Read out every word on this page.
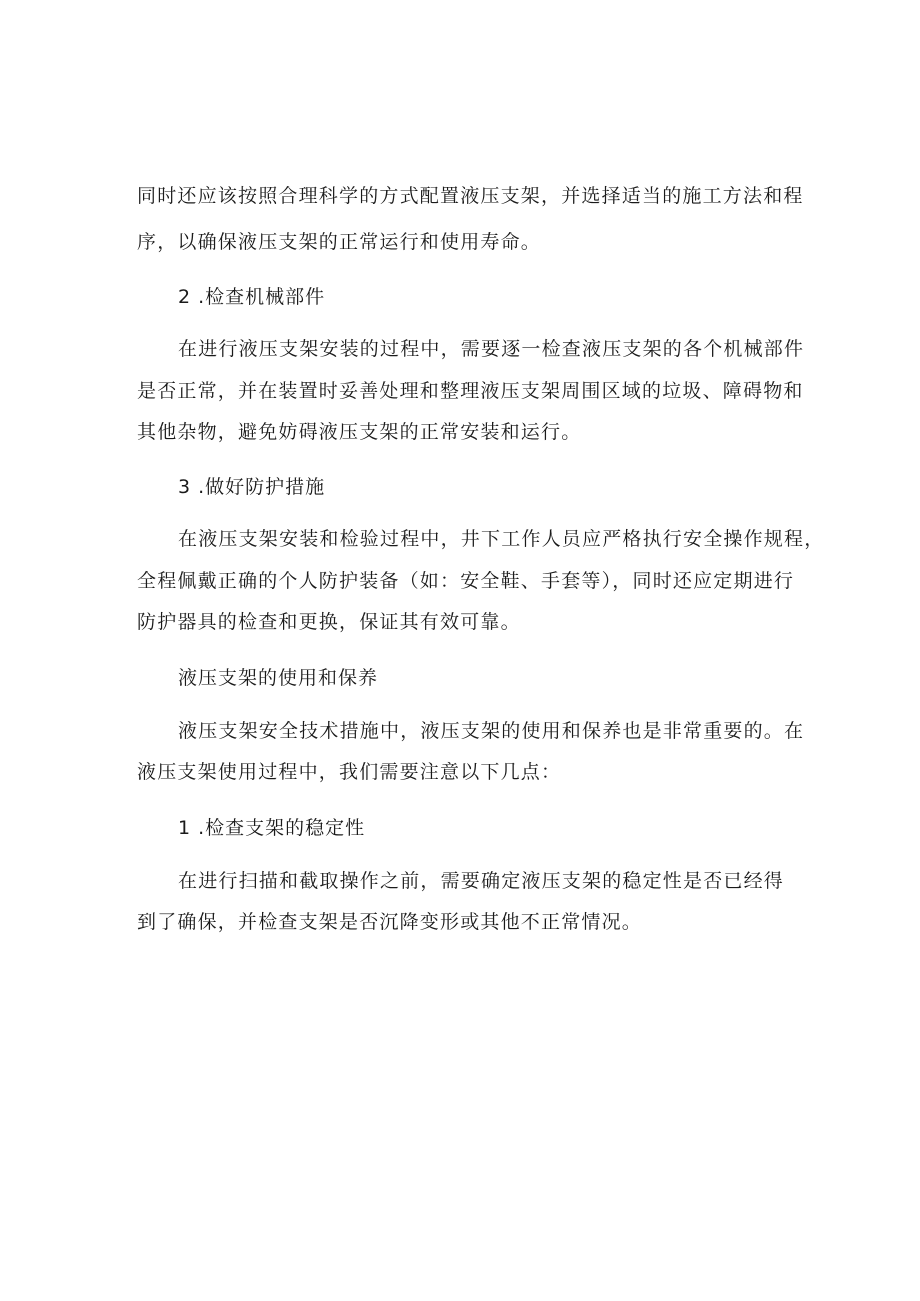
同时还应该按照合理科学的方式配置液压支架，并选择适当的施工方法和程
序，以确保液压支架的正常运行和使用寿命。
2 .检查机械部件
在进行液压支架安装的过程中，需要逐一检查液压支架的各个机械部件
是否正常，并在装置时妥善处理和整理液压支架周围区域的垃圾、障碍物和
其他杂物，避免妨碍液压支架的正常安装和运行。
3 .做好防护措施
在液压支架安装和检验过程中，井下工作人员应严格执行安全操作规程，
全程佩戴正确的个人防护装备（如：安全鞋、手套等），同时还应定期进行
防护器具的检查和更换，保证其有效可靠。
液压支架的使用和保养
液压支架安全技术措施中，液压支架的使用和保养也是非常重要的。在
液压支架使用过程中，我们需要注意以下几点：
1 .检查支架的稳定性
在进行扫描和截取操作之前，需要确定液压支架的稳定性是否已经得
到了确保，并检查支架是否沉降变形或其他不正常情况。
